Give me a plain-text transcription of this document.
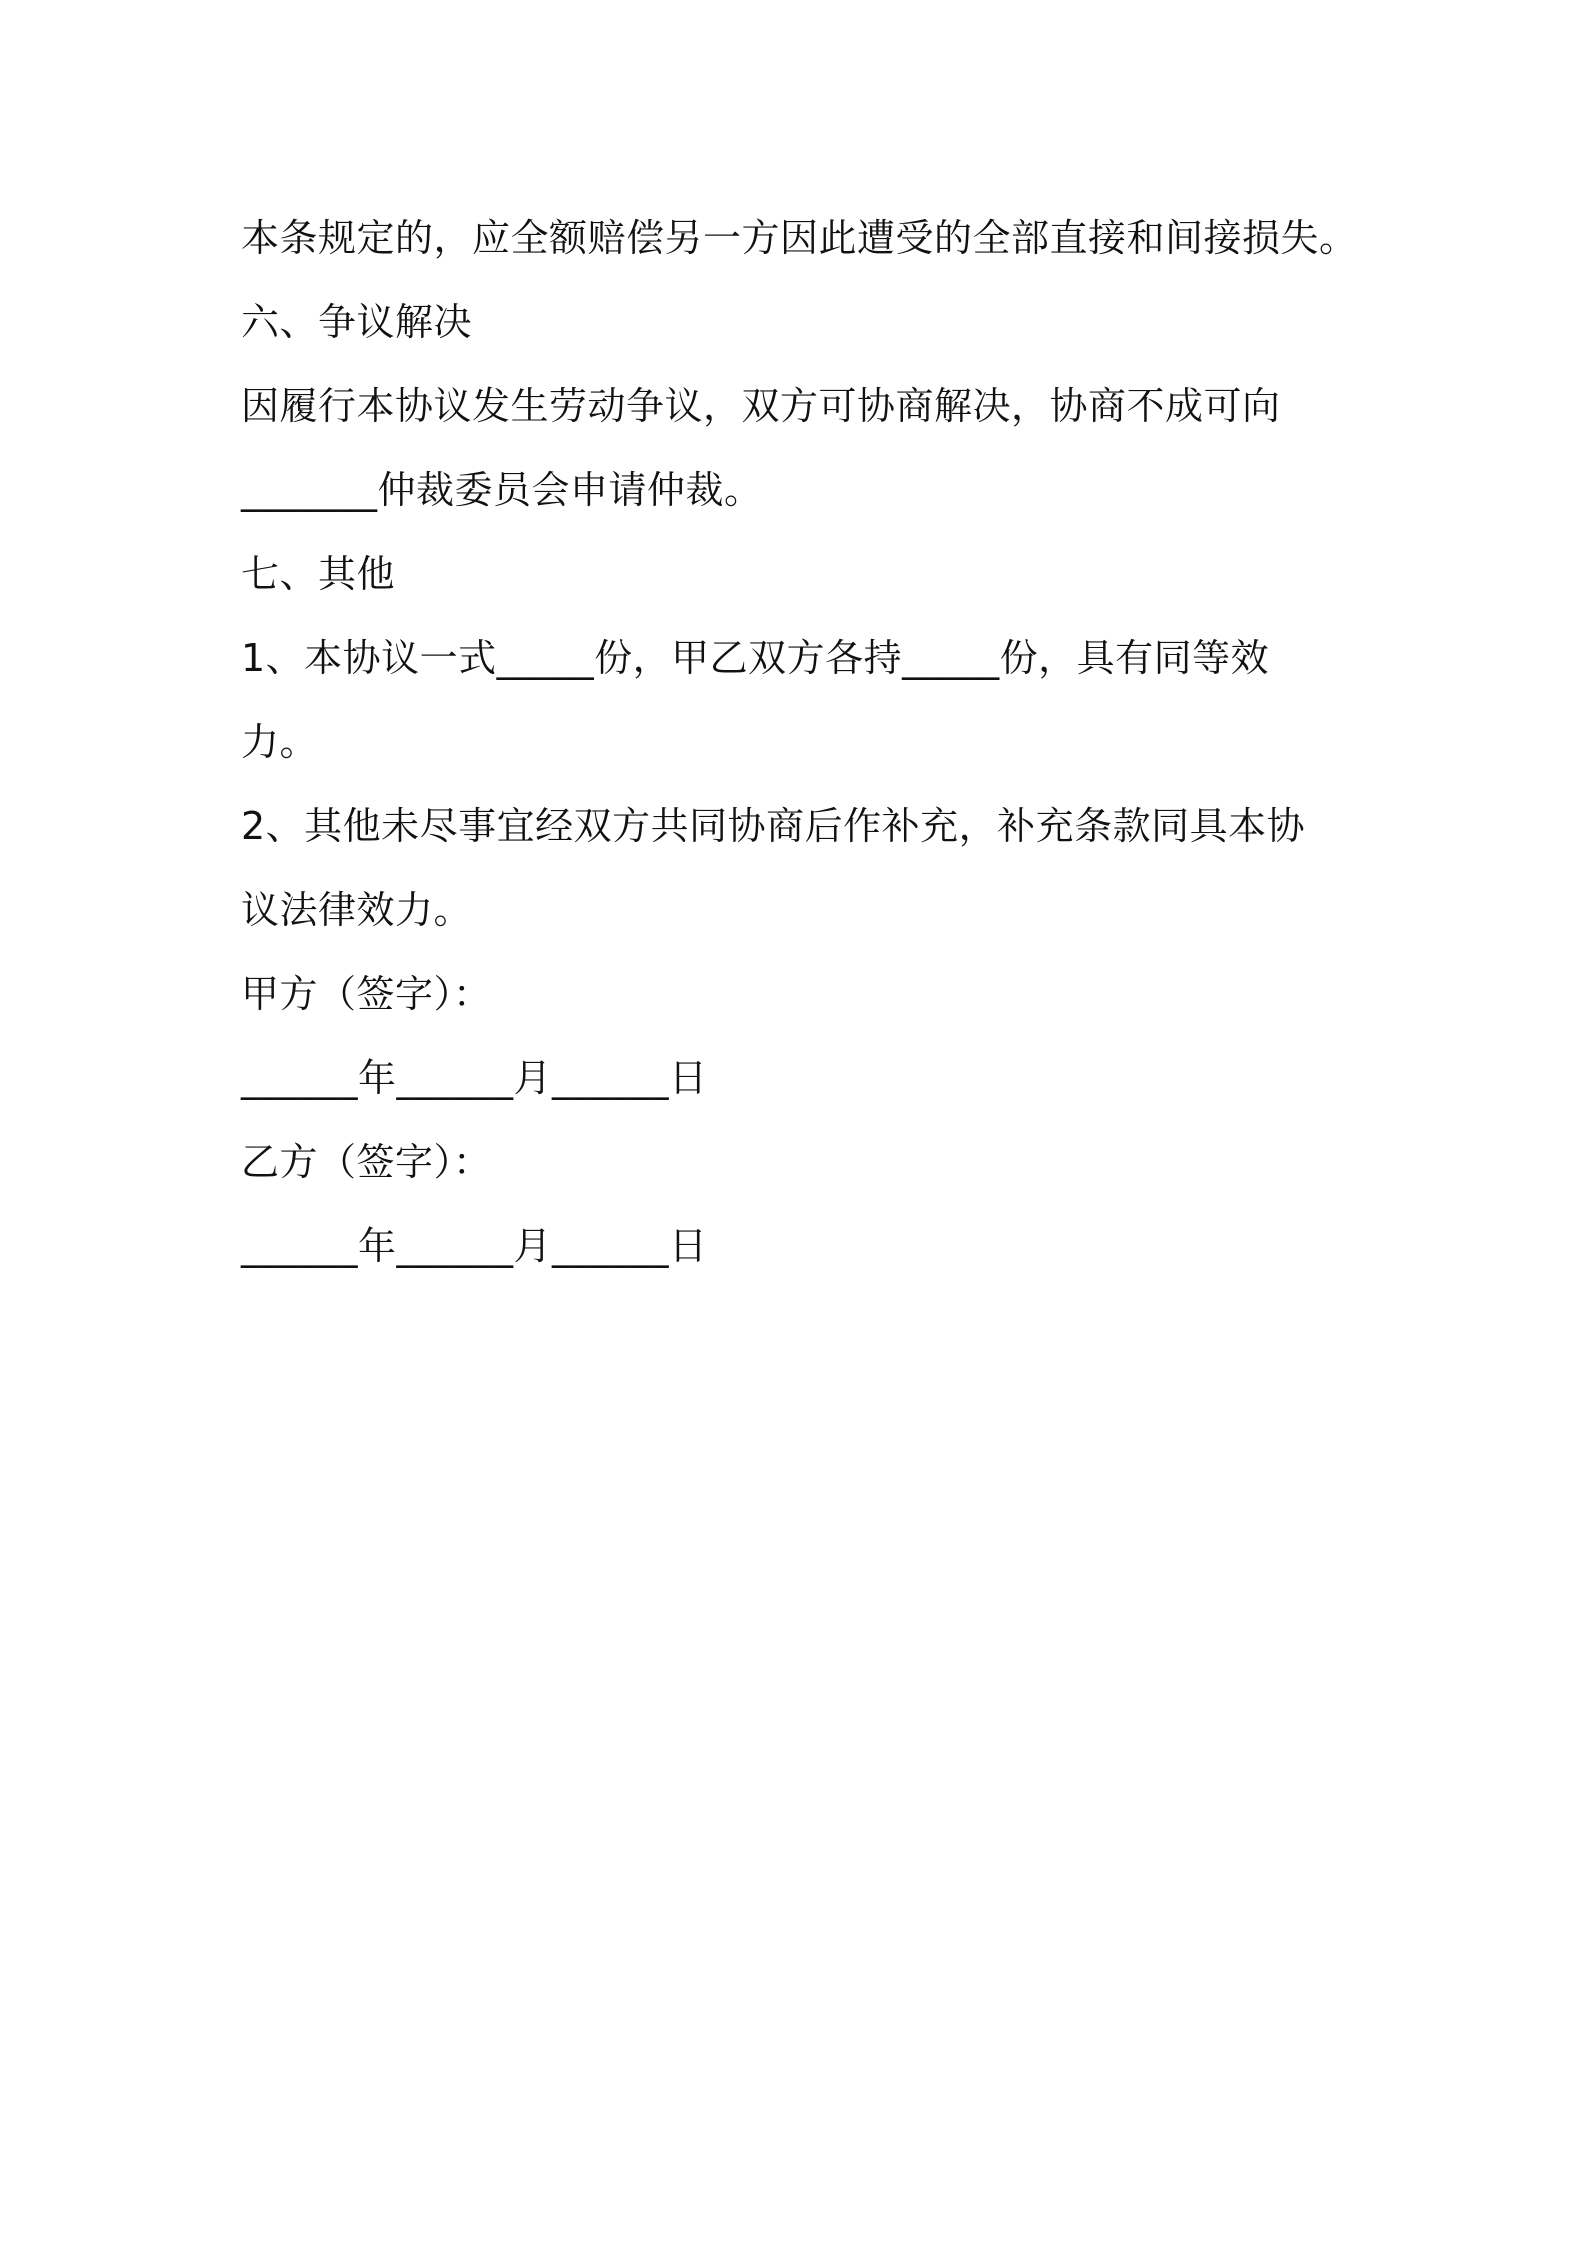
本条规定的，应全额赔偿另一方因此遭受的全部直接和间接损失。
六、争议解决
因履行本协议发生劳动争议，双方可协商解决，协商不成可向
_______仲裁委员会申请仲裁。
七、其他
1、本协议一式_____份，甲乙双方各持_____份，具有同等效
力。
2、其他未尽事宜经双方共同协商后作补充，补充条款同具本协
议法律效力。
甲方（签字）：
______年______月______日
乙方（签字）：
______年______月______日
